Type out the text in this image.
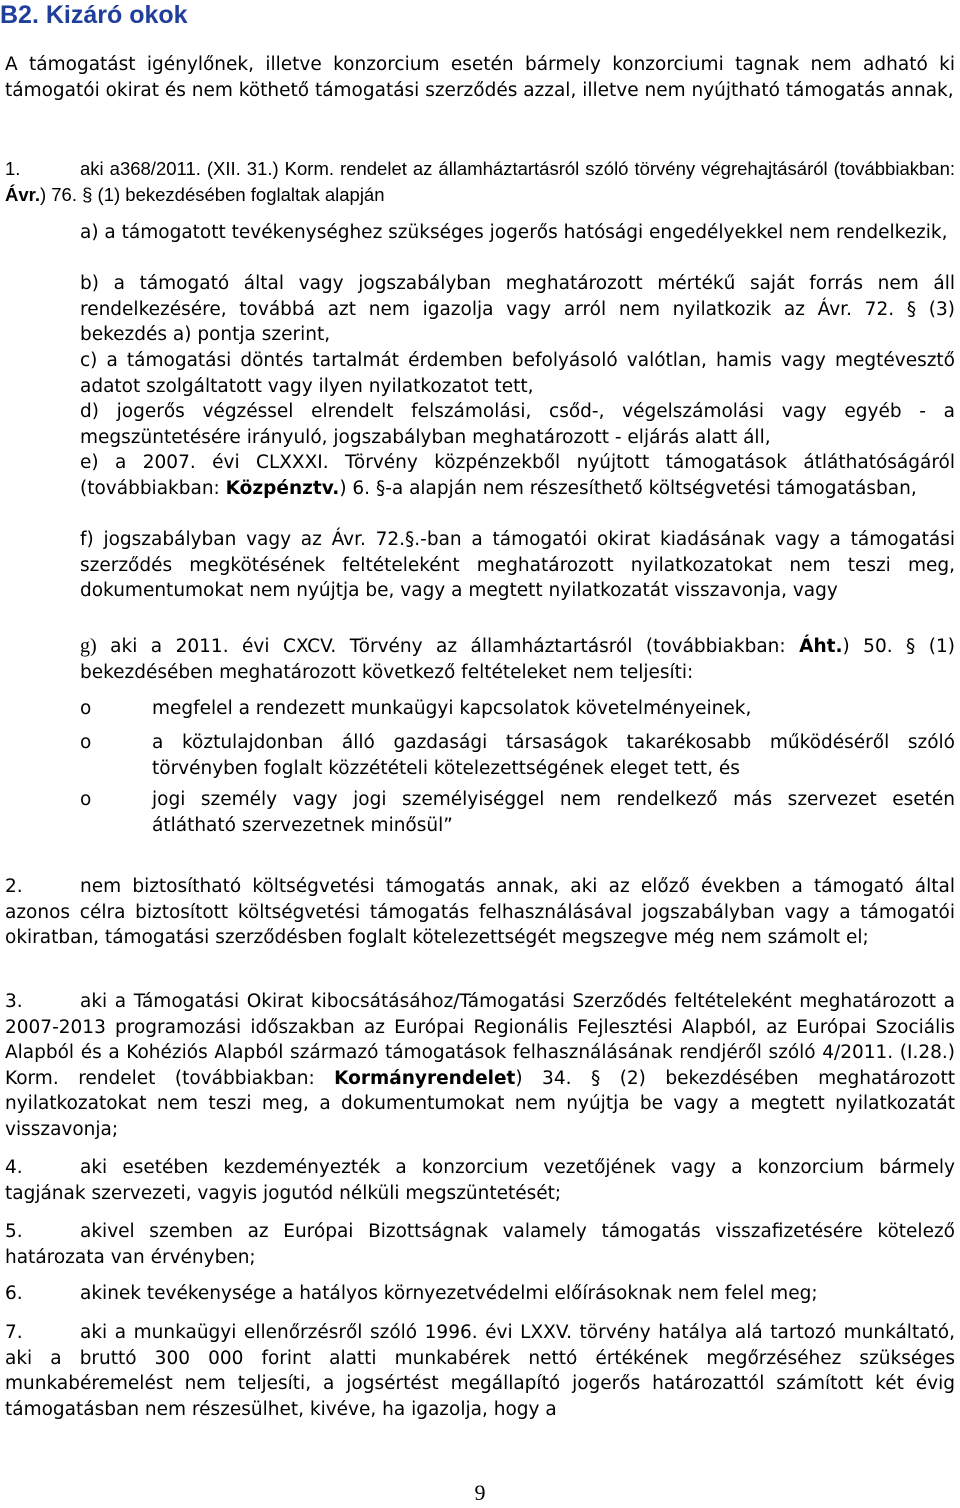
B2. Kizáró okok
A támogatást igénylőnek, illetve konzorcium esetén bármely konzorciumi tagnak nem adható ki támogatói okirat és nem köthető támogatási szerződés azzal, illetve nem nyújtható támogatás annak,
1.	aki a368/2011. (XII. 31.) Korm. rendelet az államháztartásról szóló törvény végrehajtásáról (továbbiakban: Ávr.) 76. § (1) bekezdésében foglaltak alapján
a) a támogatott tevékenységhez szükséges jogerős hatósági engedélyekkel nem rendelkezik,
b) a támogató által vagy jogszabályban meghatározott mértékű saját forrás nem áll rendelkezésére, továbbá azt nem igazolja vagy arról nem nyilatkozik az Ávr. 72. § (3) bekezdés a) pontja szerint,
c) a támogatási döntés tartalmát érdemben befolyásoló valótlan, hamis vagy megtévesztő adatot szolgáltatott vagy ilyen nyilatkozatot tett,
d) jogerős végzéssel elrendelt felszámolási, csőd-, végelszámolási vagy egyéb - a megszüntetésére irányuló, jogszabályban meghatározott - eljárás alatt áll,
e) a 2007. évi CLXXXI. Törvény közpénzekből nyújtott támogatások átláthatóságáról (továbbiakban: Közpénztv.) 6. §-a alapján nem részesíthető költségvetési támogatásban,
f) jogszabályban vagy az Ávr. 72.§.-ban a támogatói okirat kiadásának vagy a támogatási szerződés megkötésének feltételeként meghatározott nyilatkozatokat nem teszi meg, dokumentumokat nem nyújtja be, vagy a megtett nyilatkozatát visszavonja, vagy
g) aki a 2011. évi CXCV. Törvény az államháztartásról (továbbiakban: Áht.) 50. § (1) bekezdésében meghatározott következő feltételeket nem teljesíti:
o	megfelel a rendezett munkaügyi kapcsolatok követelményeinek,
o	a köztulajdonban álló gazdasági társaságok takarékosabb működéséről szóló törvényben foglalt közzétételi kötelezettségének eleget tett, és
o	jogi személy vagy jogi személyiséggel nem rendelkező más szervezet esetén átlátható szervezetnek minősül”
2.	nem biztosítható költségvetési támogatás annak, aki az előző években a támogató által azonos célra biztosított költségvetési támogatás felhasználásával jogszabályban vagy a támogatói okiratban, támogatási szerződésben foglalt kötelezettségét megszegve még nem számolt el;
3.	aki a Támogatási Okirat kibocsátásához/Támogatási Szerződés feltételeként meghatározott a 2007-2013 programozási időszakban az Európai Regionális Fejlesztési Alapból, az Európai Szociális Alapból és a Kohéziós Alapból származó támogatások felhasználásának rendjéről szóló 4/2011. (I.28.) Korm. rendelet (továbbiakban: Kormányrendelet) 34. § (2) bekezdésében meghatározott nyilatkozatokat nem teszi meg, a dokumentumokat nem nyújtja be vagy a megtett nyilatkozatát visszavonja;
4.	aki esetében kezdeményezték a konzorcium vezetőjének vagy a konzorcium bármely tagjának szervezeti, vagyis jogutód nélküli megszüntetését;
5.	akivel szemben az Európai Bizottságnak valamely támogatás visszafizetésére kötelező határozata van érvényben;
6.	akinek tevékenysége a hatályos környezetvédelmi előírásoknak nem felel meg;
7.	aki a munkaügyi ellenőrzésről szóló 1996. évi LXXV. törvény hatálya alá tartozó munkáltató, aki a bruttó 300 000 forint alatti munkabérek nettó értékének megőrzéséhez szükséges munkabéremelést nem teljesíti, a jogsértést megállapító jogerős határozattól számított két évig támogatásban nem részesülhet, kivéve, ha igazolja, hogy a
9
